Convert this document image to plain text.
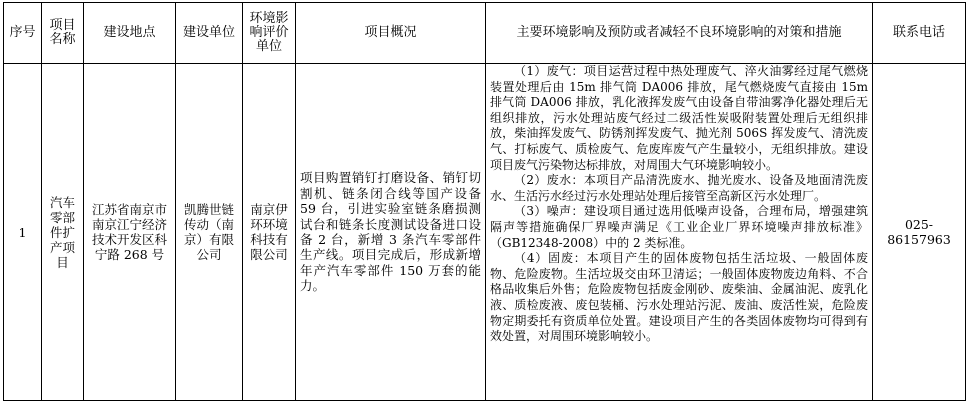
序号	项目名称	建设地点	建设单位	环境影响评价单位	项目概况	主要环境影响及预防或者减轻不良环境影响的对策和措施	联系电话
1	汽车零部件扩产项目	江苏省南京市南京江宁经济技术开发区科宁路 268 号	凯腾世链传动（南京）有限公司	南京伊环环境科技有限公司	项目购置销钉打磨设备、销钉切割机、链条闭合线等国产设备 59 台，引进实验室链条磨损测试台和链条长度测试设备进口设备 2 台，新增 3 条汽车零部件生产线。项目完成后，形成新增年产汽车零部件 150 万套的能力。	（1）废气：项目运营过程中热处理废气、淬火油雾经过尾气燃烧装置处理后由 15m 排气筒 DA006 排放，尾气燃烧废气直接由 15m 排气筒 DA006 排放，乳化液挥发废气由设备自带油雾净化器处理后无组织排放，污水处理站废气经过二级活性炭吸附装置处理后无组织排放，柴油挥发废气、防锈剂挥发废气、抛光剂 506S 挥发废气、清洗废气、打标废气、质检废气、危废库废气产生量较小，无组织排放。建设项目废气污染物达标排放，对周围大气环境影响较小。

（2）废水：本项目产品清洗废水、抛光废水、设备及地面清洗废水、生活污水经过污水处理站处理后接管至高新区污水处理厂。

（3）噪声：建设项目通过选用低噪声设备，合理布局，增强建筑隔声等措施确保厂界噪声满足《工业企业厂界环境噪声排放标准》（GB12348-2008）中的 2 类标准。

（4）固废：本项目产生的固体废物包括生活垃圾、一般固体废物、危险废物。生活垃圾交由环卫清运；一般固体废物废边角料、不合格品收集后外售；危险废物包括废金刚砂、废柴油、金属油泥、废乳化液、质检废液、废包装桶、污水处理站污泥、废油、废活性炭，危险废物定期委托有资质单位处置。建设项目产生的各类固体废物均可得到有效处置，对周围环境影响较小。	025-86157963
